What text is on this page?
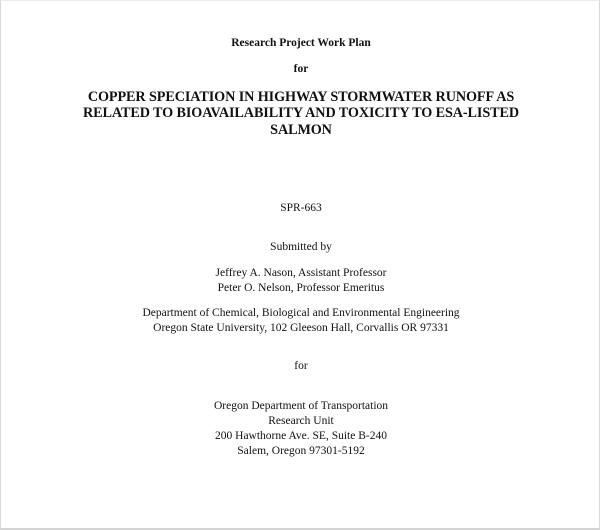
Research Project Work Plan
for
COPPER SPECIATION IN HIGHWAY STORMWATER RUNOFF AS
RELATED TO BIOAVAILABILITY AND TOXICITY TO ESA-LISTED
SALMON
SPR-663
Submitted by
Jeffrey A. Nason, Assistant Professor
Peter O. Nelson, Professor Emeritus
Department of Chemical, Biological and Environmental Engineering
Oregon State University, 102 Gleeson Hall, Corvallis OR 97331
for
Oregon Department of Transportation
Research Unit
200 Hawthorne Ave. SE, Suite B-240
Salem, Oregon 97301-5192
